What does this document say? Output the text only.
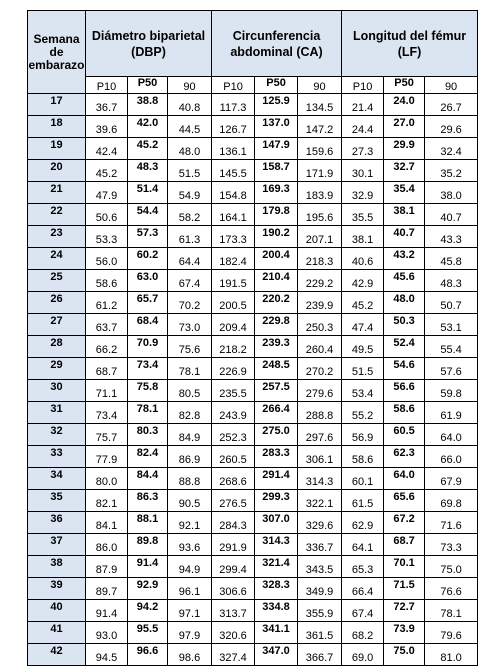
Semana de embarazo	Diámetro biparietal (DBP)			Circunferencia abdominal (CA)			Longitud del fémur (LF)		
	P10	P50	90	P10	P50	90	P10	P50	90
17	36.7	38.8	40.8	117.3	125.9	134.5	21.4	24.0	26.7
18	39.6	42.0	44.5	126.7	137.0	147.2	24.4	27.0	29.6
19	42.4	45.2	48.0	136.1	147.9	159.6	27.3	29.9	32.4
20	45.2	48.3	51.5	145.5	158.7	171.9	30.1	32.7	35.2
21	47.9	51.4	54.9	154.8	169.3	183.9	32.9	35.4	38.0
22	50.6	54.4	58.2	164.1	179.8	195.6	35.5	38.1	40.7
23	53.3	57.3	61.3	173.3	190.2	207.1	38.1	40.7	43.3
24	56.0	60.2	64.4	182.4	200.4	218.3	40.6	43.2	45.8
25	58.6	63.0	67.4	191.5	210.4	229.2	42.9	45.6	48.3
26	61.2	65.7	70.2	200.5	220.2	239.9	45.2	48.0	50.7
27	63.7	68.4	73.0	209.4	229.8	250.3	47.4	50.3	53.1
28	66.2	70.9	75.6	218.2	239.3	260.4	49.5	52.4	55.4
29	68.7	73.4	78.1	226.9	248.5	270.2	51.5	54.6	57.6
30	71.1	75.8	80.5	235.5	257.5	279.6	53.4	56.6	59.8
31	73.4	78.1	82.8	243.9	266.4	288.8	55.2	58.6	61.9
32	75.7	80.3	84.9	252.3	275.0	297.6	56.9	60.5	64.0
33	77.9	82.4	86.9	260.5	283.3	306.1	58.6	62.3	66.0
34	80.0	84.4	88.8	268.6	291.4	314.3	60.1	64.0	67.9
35	82.1	86.3	90.5	276.5	299.3	322.1	61.5	65.6	69.8
36	84.1	88.1	92.1	284.3	307.0	329.6	62.9	67.2	71.6
37	86.0	89.8	93.6	291.9	314.3	336.7	64.1	68.7	73.3
38	87.9	91.4	94.9	299.4	321.4	343.5	65.3	70.1	75.0
39	89.7	92.9	96.1	306.6	328.3	349.9	66.4	71.5	76.6
40	91.4	94.2	97.1	313.7	334.8	355.9	67.4	72.7	78.1
41	93.0	95.5	97.9	320.6	341.1	361.5	68.2	73.9	79.6
42	94.5	96.6	98.6	327.4	347.0	366.7	69.0	75.0	81.0
